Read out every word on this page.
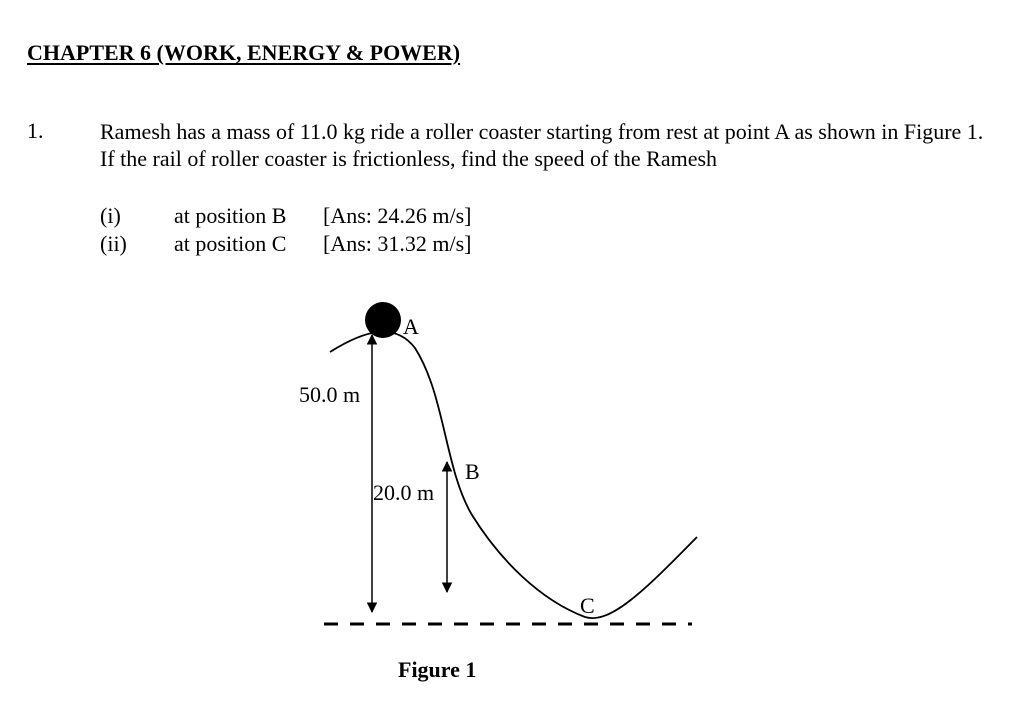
CHAPTER 6 (WORK, ENERGY & POWER)
1.	Ramesh has a mass of 11.0 kg ride a roller coaster starting from rest at point A as shown in Figure 1. If the rail of roller coaster is frictionless, find the speed of the Ramesh
(i) at position B [Ans: 24.26 m/s]
(ii) at position C [Ans: 31.32 m/s]
A
50.0 m
B
20.0 m
C
Figure 1
